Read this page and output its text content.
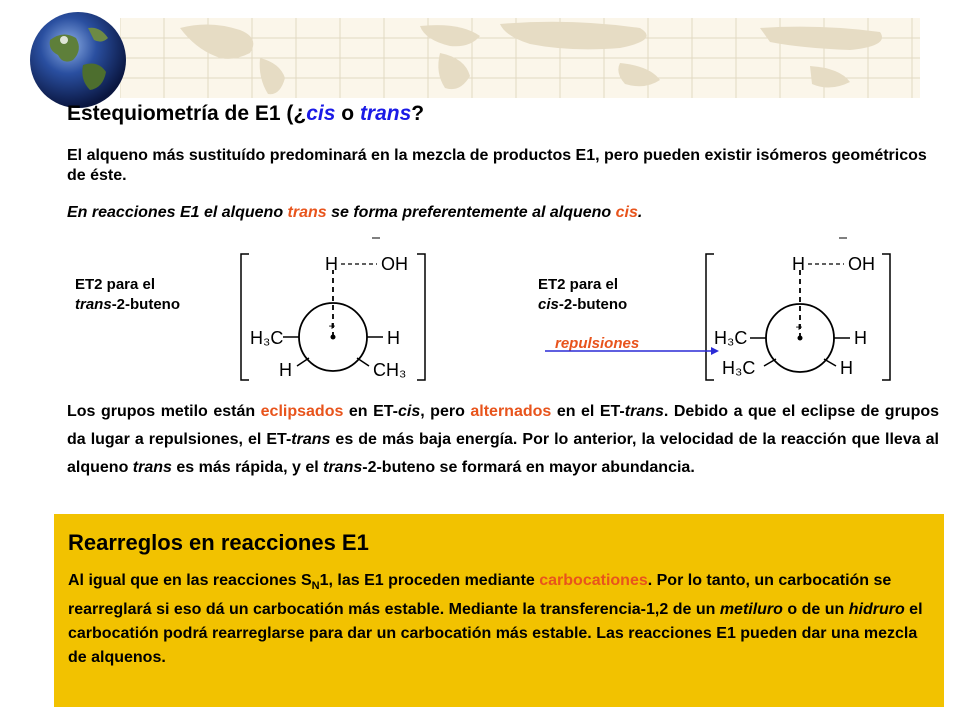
Estequiometría de E1 (¿cis o trans?
El alqueno más sustituído predominará en la mezcla de productos E1, pero pueden existir isómeros geométricos de éste.
En reacciones E1 el alqueno trans se forma preferentemente al alqueno cis.
ET2 para el
trans-2-buteno
ET2 para el
cis-2-buteno
repulsiones
H OH
+
H₃C	H
H	CH₃
H OH
+
H₃C	H
H₃C	H
Los grupos metilo están eclipsados en ET-cis, pero alternados en el ET-trans. Debido a que el eclipse de grupos da lugar a repulsiones, el ET-trans es de más baja energía. Por lo anterior, la velocidad de la reacción que lleva al alqueno trans es más rápida, y el trans-2-buteno se formará en mayor abundancia.
Rearreglos en reacciones E1
Al igual que en las reacciones $S_N1$, las E1 proceden mediante carbocationes. Por lo tanto, un carbocatión se rearreglará si eso dá un carbocatión más estable. Mediante la transferencia-1,2 de un metiluro o de un hidruro el carbocatión podrá rearreglarse para dar un carbocatión más estable. Las reacciones E1 pueden dar una mezcla de alquenos.
